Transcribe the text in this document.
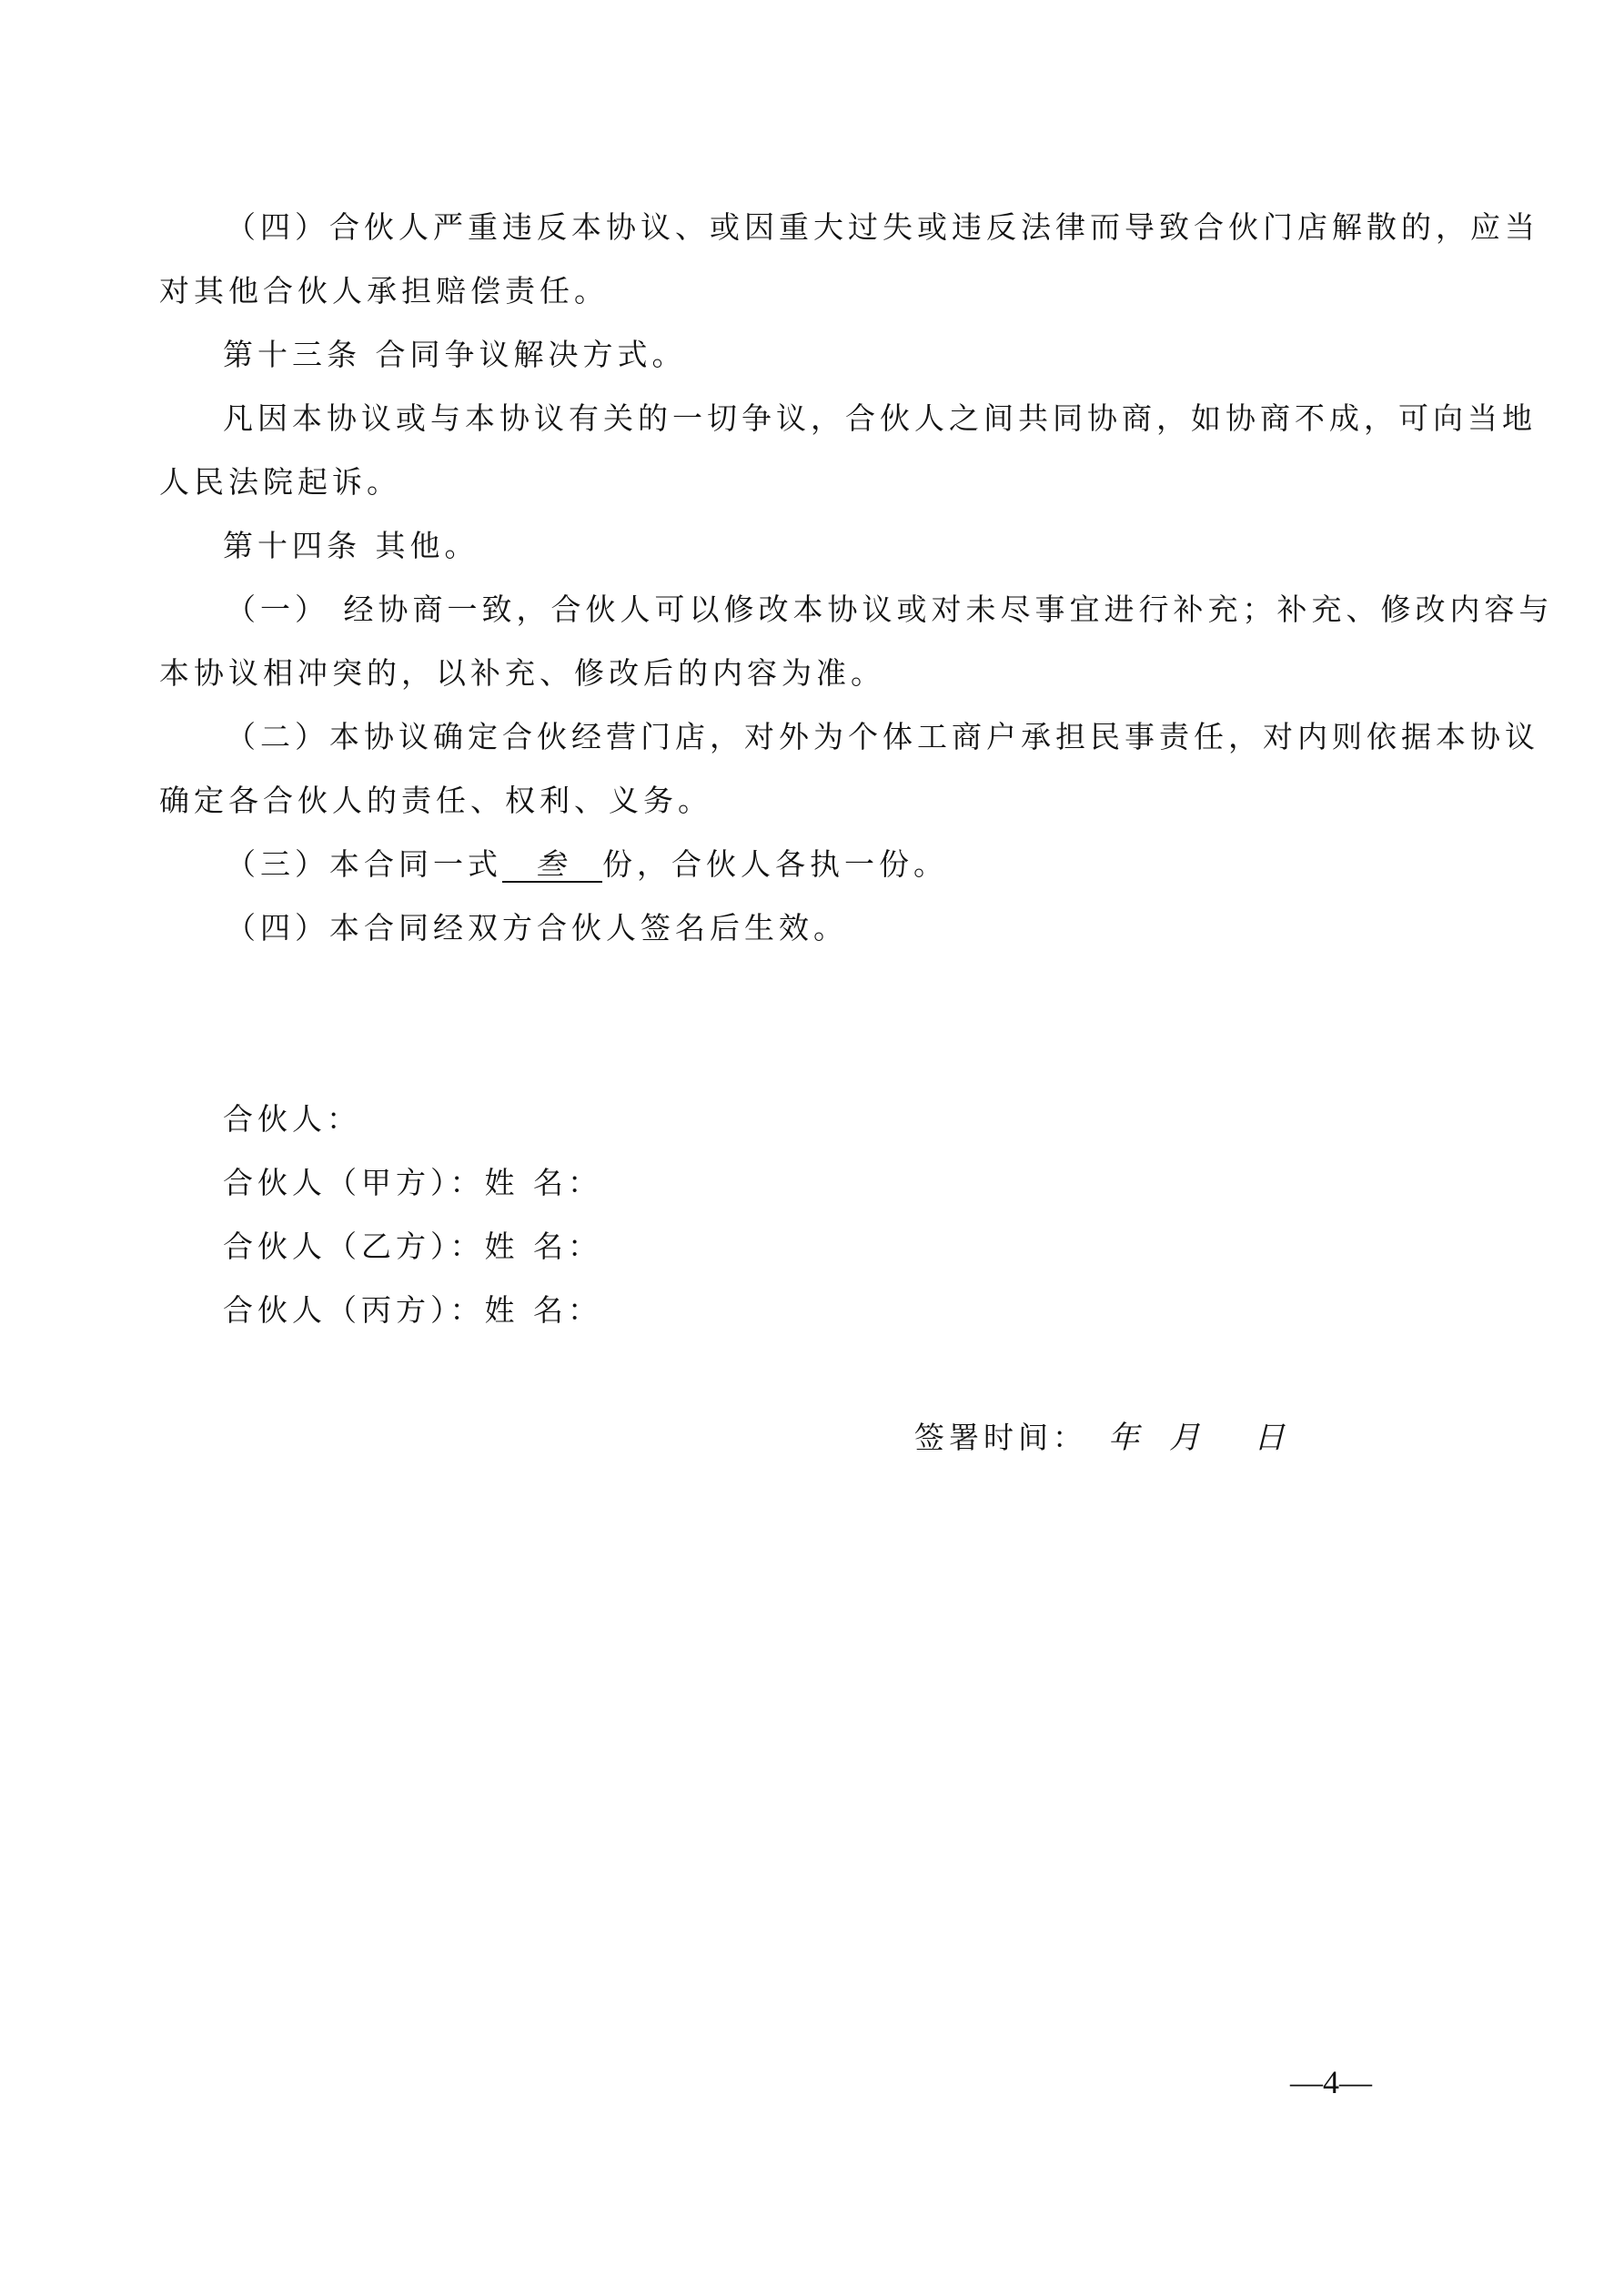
（四）合伙人严重违反本协议、或因重大过失或违反法律而导致合伙门店解散的，应当
对其他合伙人承担赔偿责任。
第十三条 合同争议解决方式。
凡因本协议或与本协议有关的一切争议，合伙人之间共同协商，如协商不成，可向当地
人民法院起诉。
第十四条 其他。
（一） 经协商一致，合伙人可以修改本协议或对未尽事宜进行补充；补充、修改内容与
本协议相冲突的，以补充、修改后的内容为准。
（二）本协议确定合伙经营门店，对外为个体工商户承担民事责任，对内则依据本协议
确定各合伙人的责任、权利、义务。
（三）本合同一式 叁 份，合伙人各执一份。
（四）本合同经双方合伙人签名后生效。
合伙人：
合伙人（甲方）：姓 名：
合伙人（乙方）：姓 名：
合伙人（丙方）：姓 名：
签署时间： 年 月 日
—4—
